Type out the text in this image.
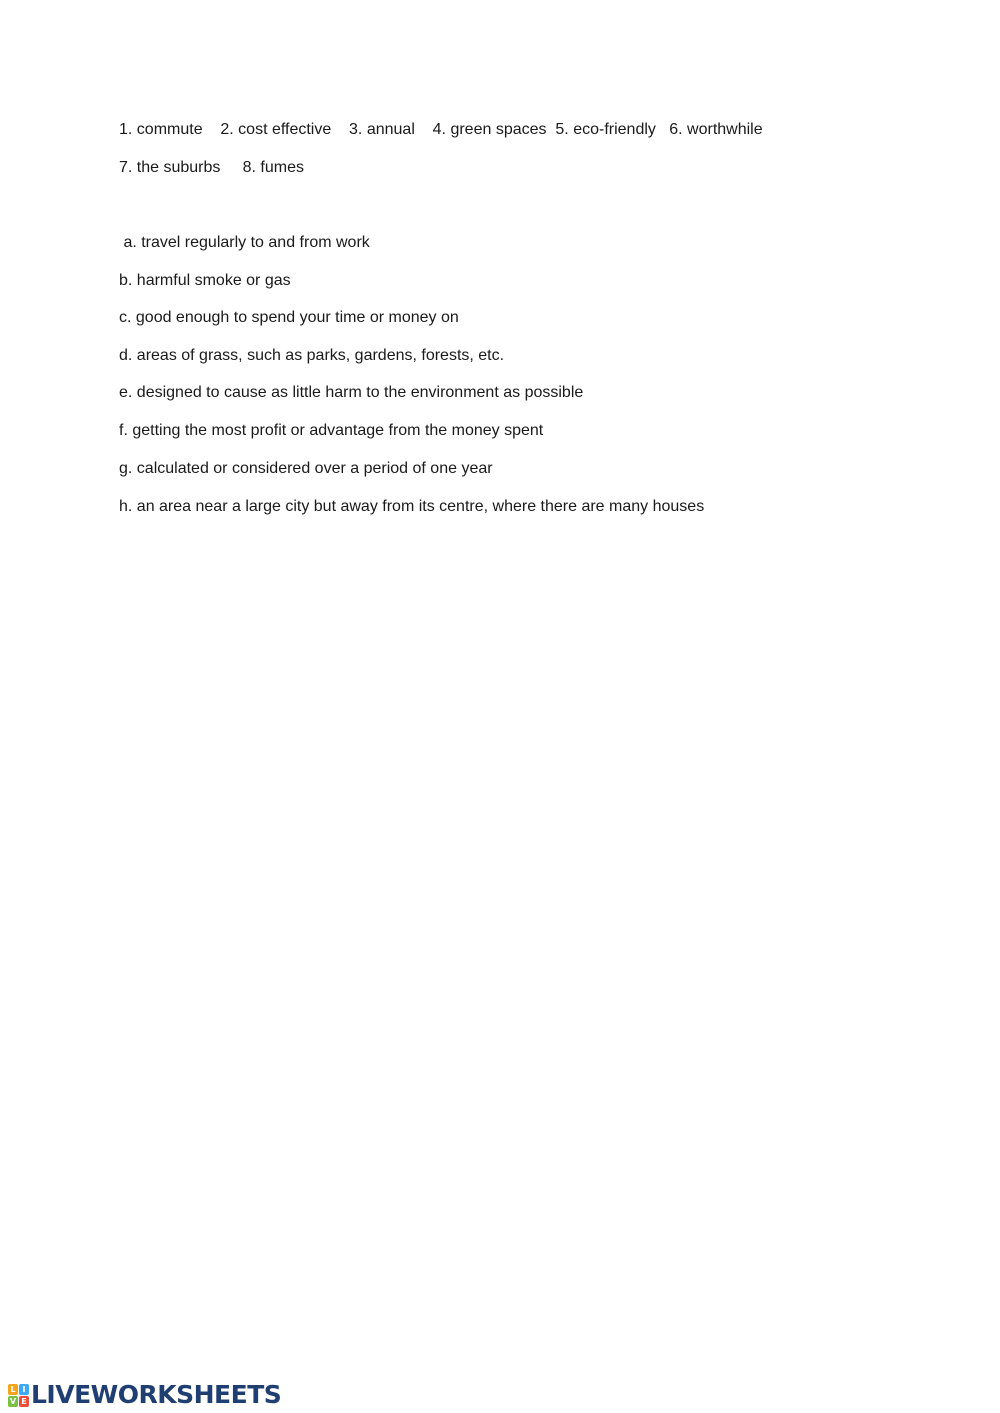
1. commute 2. cost effective 3. annual 4. green spaces 5. eco-friendly 6. worthwhile

7. the suburbs 8. fumes

a. travel regularly to and from work

b. harmful smoke or gas

c. good enough to spend your time or money on

d. areas of grass, such as parks, gardens, forests, etc.

e. designed to cause as little harm to the environment as possible

f. getting the most profit or advantage from the money spent

g. calculated or considered over a period of one year

h. an area near a large city but away from its centre, where there are many houses

L I
V E LIVEWORKSHEETS
